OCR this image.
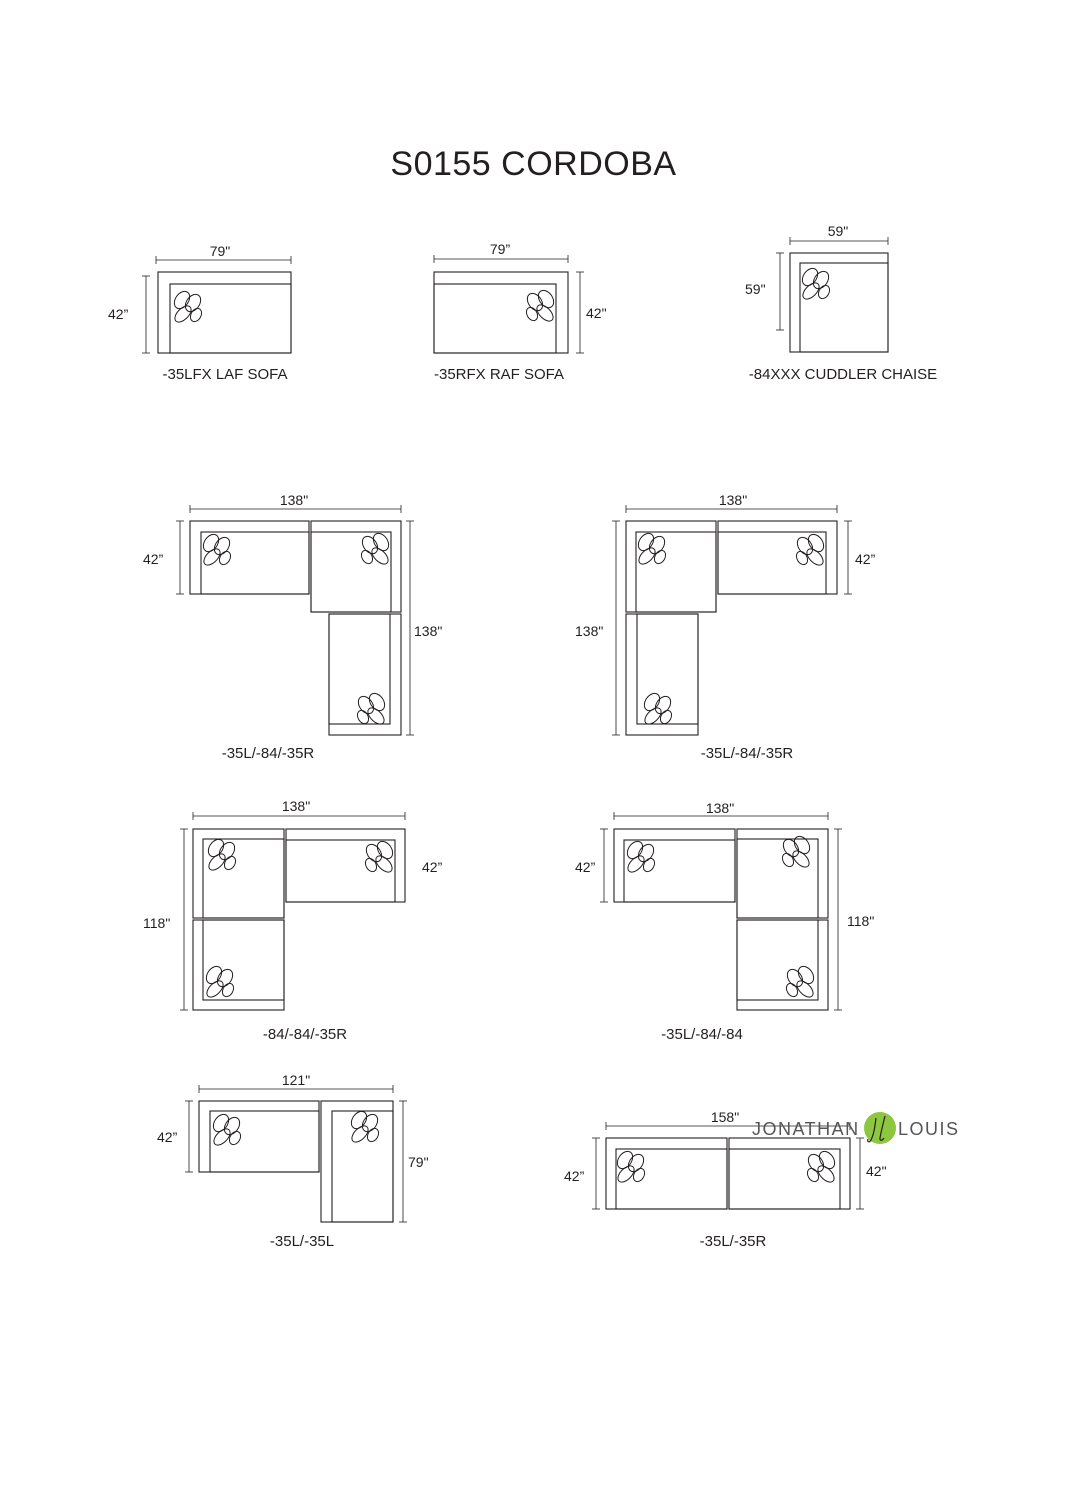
S0155 CORDOBA
79"
42”
-35LFX LAF SOFA
79”
42"
-35RFX RAF SOFA
59"
59"
-84XXX CUDDLER CHAISE
138"
42”
138"
-35L/-84/-35R
138"
42”
138"
-35L/-84/-35R
138"
42”
118"
-84/-84/-35R
138"
42”
118"
-35L/-84/-84
121"
42”
79"
-35L/-35L
158"
42”	42"
-35L/-35R
JONATHAN LOUIS
